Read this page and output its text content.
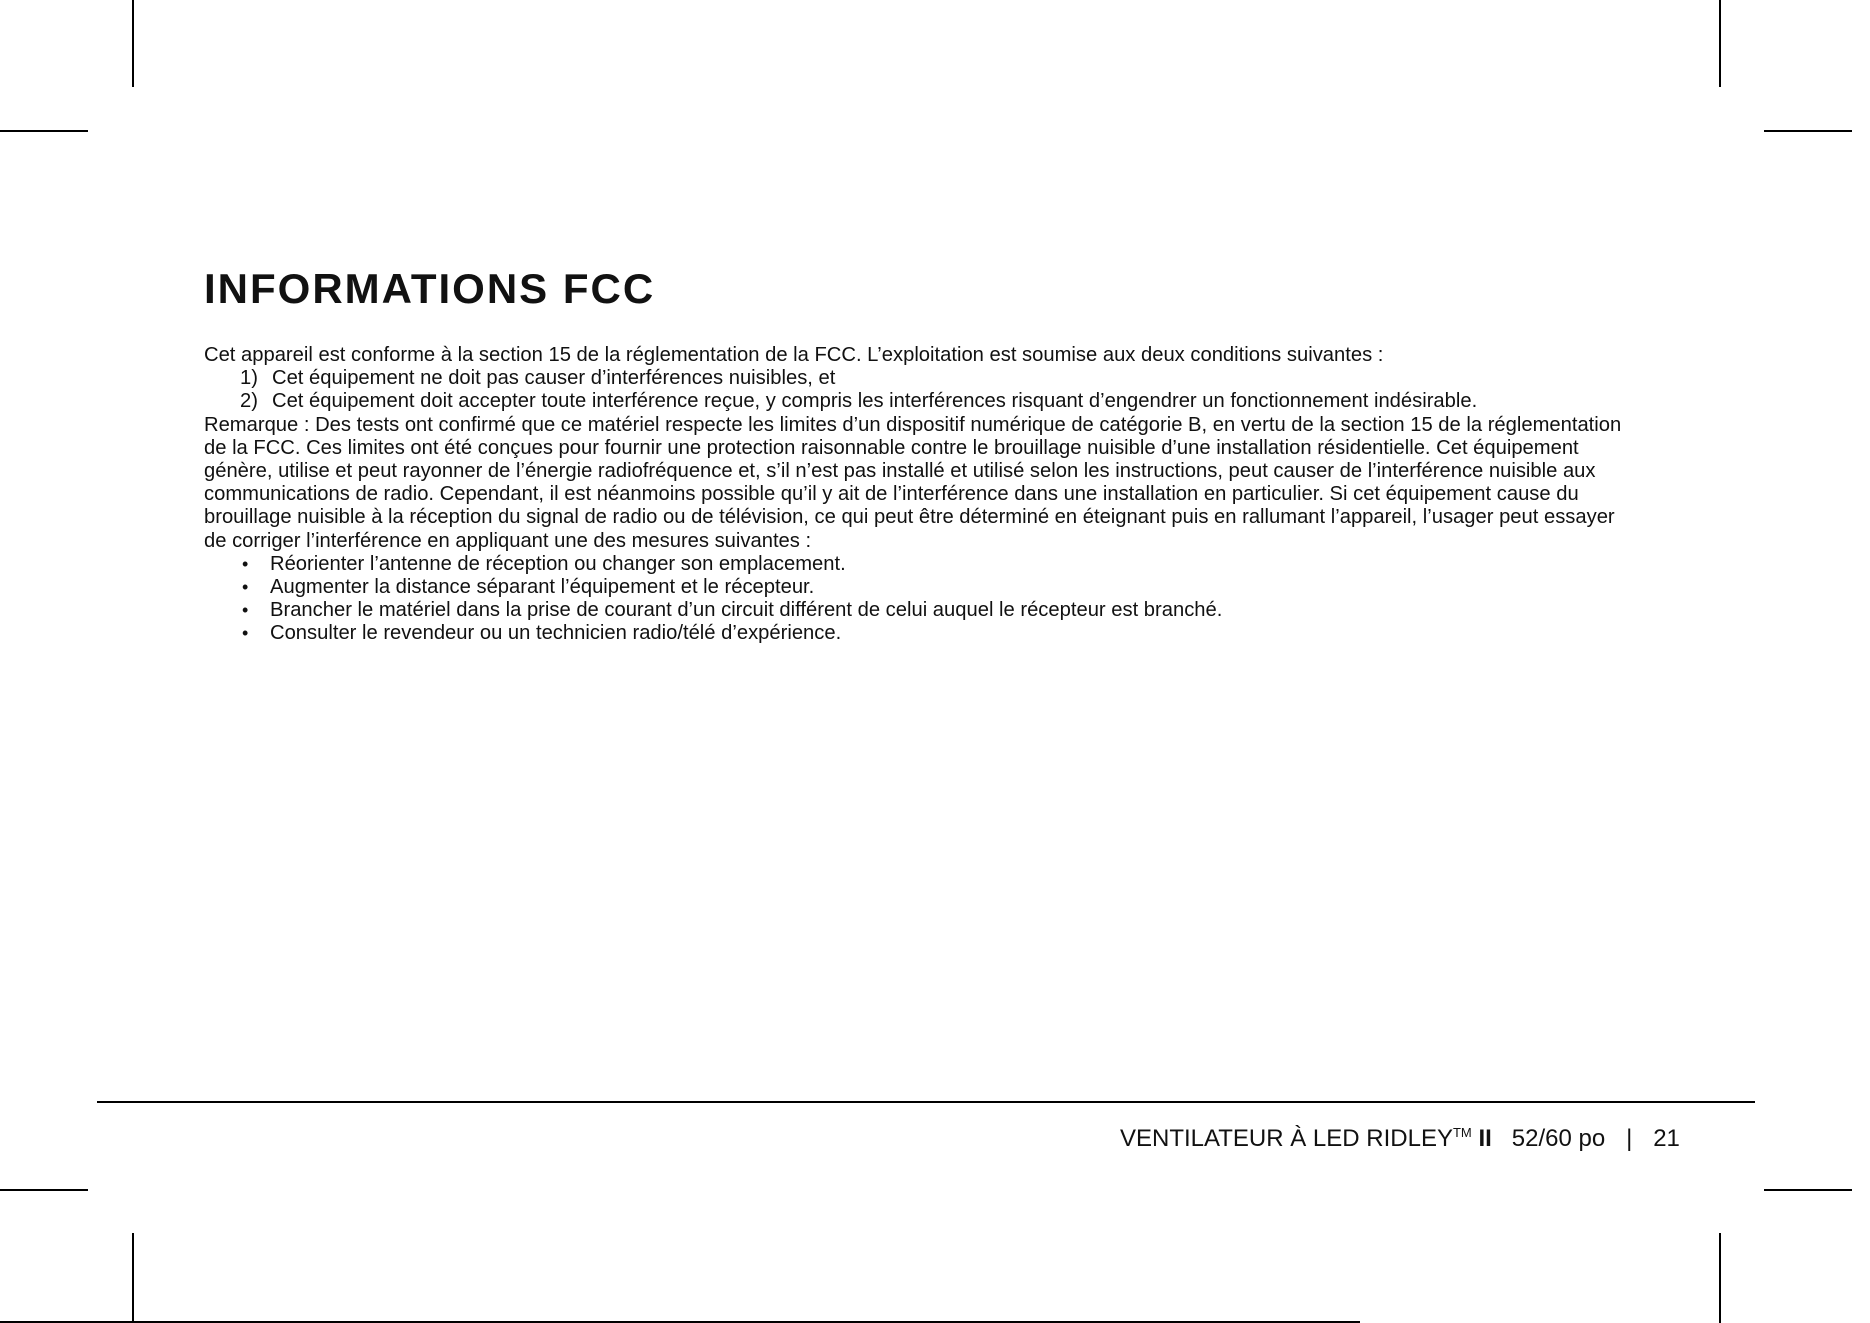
INFORMATIONS FCC

Cet appareil est conforme à la section 15 de la réglementation de la FCC. L’exploitation est soumise aux deux conditions suivantes :

1) Cet équipement ne doit pas causer d’interférences nuisibles, et
2) Cet équipement doit accepter toute interférence reçue, y compris les interférences risquant d’engendrer un fonctionnement indésirable.

Remarque : Des tests ont confirmé que ce matériel respecte les limites d’un dispositif numérique de catégorie B, en vertu de la section 15 de la réglementation de la FCC. Ces limites ont été conçues pour fournir une protection raisonnable contre le brouillage nuisible d’une installation résidentielle. Cet équipement génère, utilise et peut rayonner de l’énergie radiofréquence et, s’il n’est pas installé et utilisé selon les instructions, peut causer de l’interférence nuisible aux communications de radio. Cependant, il est néanmoins possible qu’il y ait de l’interférence dans une installation en particulier. Si cet équipement cause du brouillage nuisible à la réception du signal de radio ou de télévision, ce qui peut être déterminé en éteignant puis en rallumant l’appareil, l’usager peut essayer de corriger l’interférence en appliquant une des mesures suivantes :

• Réorienter l’antenne de réception ou changer son emplacement.
• Augmenter la distance séparant l’équipement et le récepteur.
• Brancher le matériel dans la prise de courant d’un circuit différent de celui auquel le récepteur est branché.
• Consulter le revendeur ou un technicien radio/télé d’expérience.
VENTILATEUR À LED RIDLEY™ II 52/60 po | 21
